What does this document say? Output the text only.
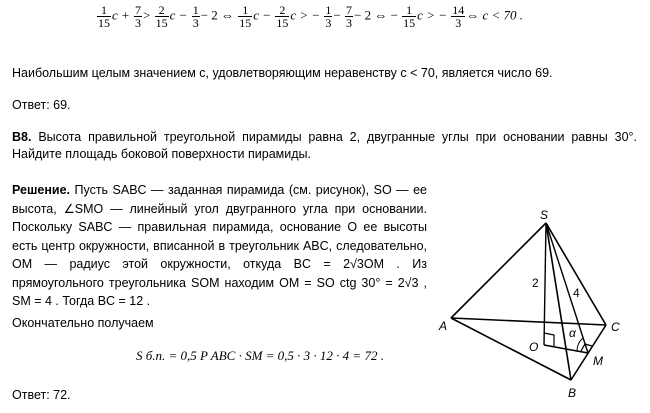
$\frac{1}{15}$ $c + \frac{7}{3} > \frac{2}{15}$ $c - \frac{1}{3} - 2$ ⇔ $\frac{1}{15}$ $c - \frac{2}{15}$ c > − $\frac{1}{3} - \frac{7}{3} - 2$ ⇔ − $\frac{1}{15}$ c > − $\frac{14}{3}$ ⇔ c < 70 .
Наибольшим целым значением c, удовлетворяющим неравенству c < 70, является число 69.
Ответ: 69.
B8. Высота правильной треугольной пирамиды равна 2, двугранные углы при основании равны 30°. Найдите площадь боковой поверхности пирамиды.
Решение. Пусть SABC — заданная пирамида (см. рисунок), SO — ее высота, ∠SMO — линейный угол двугранного угла при основании. Поскольку SABC — правильная пирамида, основание O ее высоты есть центр окружности, вписанной в треугольник ABC, следовательно, OM — радиус этой окружности, откуда BC = 2√3OM . Из прямоугольного треугольника SOM находим OM = SO ctg 30° = 2√3 , SM = 4 . Тогда BC = 12 .
Окончательно получаем
S б.п. = 0,5 P ABC · SM = 0,5 · 3 · 12 · 4 = 72 .
Ответ: 72.
S
A
B
C
O
M
α
2
4
